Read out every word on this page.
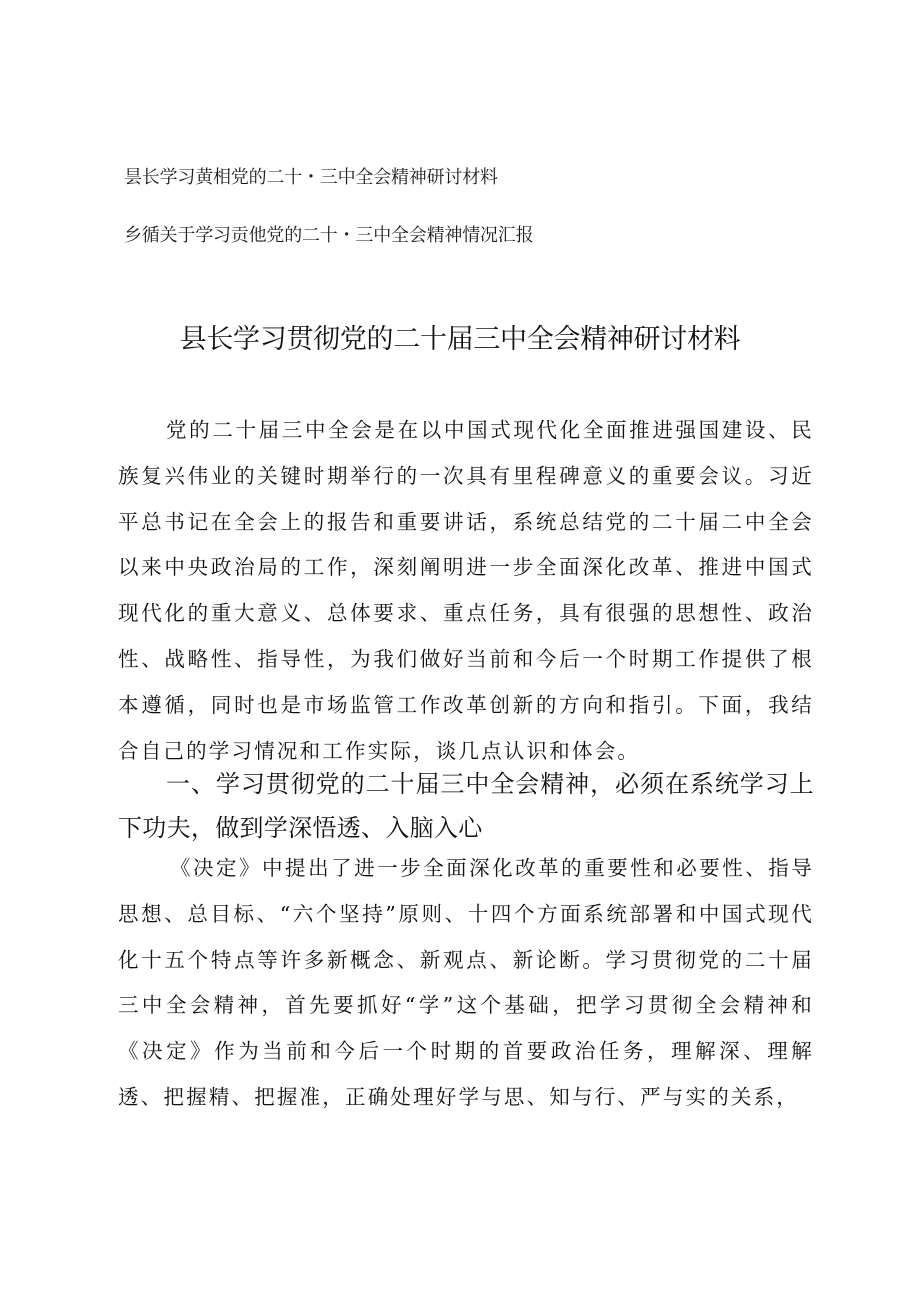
昙长学习黄相党的二十・三中全会精神研讨材料
乡循关于学习贡他党的二十・三中全会精神情况汇报
县长学习贯彻党的二十届三中全会精神研讨材料
党的二十届三中全会是在以中国式现代化全面推进强国建设、民族复兴伟业的关键时期举行的一次具有里程碑意义的重要会议。习近平总书记在全会上的报告和重要讲话，系统总结党的二十届二中全会以来中央政治局的工作，深刻阐明进一步全面深化改革、推进中国式现代化的重大意义、总体要求、重点任务，具有很强的思想性、政治性、战略性、指导性，为我们做好当前和今后一个时期工作提供了根本遵循，同时也是市场监管工作改革创新的方向和指引。下面，我结合自己的学习情况和工作实际，谈几点认识和体会。
一、学习贯彻党的二十届三中全会精神，必须在系统学习上下功夫，做到学深悟透、入脑入心
《决定》中提出了进一步全面深化改革的重要性和必要性、指导思想、总目标、“六个坚持”原则、十四个方面系统部署和中国式现代化十五个特点等许多新概念、新观点、新论断。学习贯彻党的二十届三中全会精神，首先要抓好“学”这个基础，把学习贯彻全会精神和《决定》作为当前和今后一个时期的首要政治任务，理解深、理解透、把握精、把握准，正确处理好学与思、知与行、严与实的关系，
